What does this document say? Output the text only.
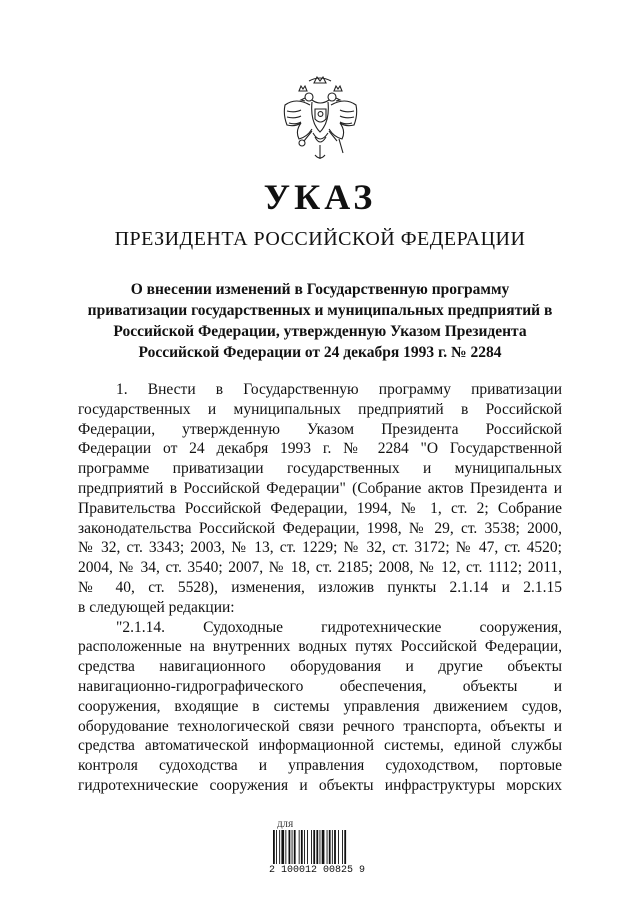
УКАЗ
ПРЕЗИДЕНТА РОССИЙСКОЙ ФЕДЕРАЦИИ
О внесении изменений в Государственную программу
приватизации государственных и муниципальных предприятий в
Российской Федерации, утвержденную Указом Президента
Российской Федерации от 24 декабря 1993 г. № 2284
1. Внести в Государственную программу приватизации
государственных и муниципальных предприятий в Российской
Федерации, утвержденную Указом Президента Российской
Федерации от 24 декабря 1993 г. № 2284 "О Государственной
программе приватизации государственных и муниципальных
предприятий в Российской Федерации" (Собрание актов Президента и
Правительства Российской Федерации, 1994, № 1, ст. 2; Собрание
законодательства Российской Федерации, 1998, № 29, ст. 3538; 2000,
№ 32, ст. 3343; 2003, № 13, ст. 1229; № 32, ст. 3172; № 47, ст. 4520;
2004, № 34, ст. 3540; 2007, № 18, ст. 2185; 2008, № 12, ст. 1112; 2011,
№ 40, ст. 5528), изменения, изложив пункты 2.1.14 и 2.1.15
в следующей редакции:
"2.1.14. Судоходные гидротехнические сооружения,
расположенные на внутренних водных путях Российской Федерации,
средства навигационного оборудования и другие объекты
навигационно-гидрографического обеспечения, объекты и
сооружения, входящие в системы управления движением судов,
оборудование технологической связи речного транспорта, объекты и
средства автоматической информационной системы, единой службы
контроля судоходства и управления судоходством, портовые
гидротехнические сооружения и объекты инфраструктуры морских
ДЛЯ
2 100012 00825 9
